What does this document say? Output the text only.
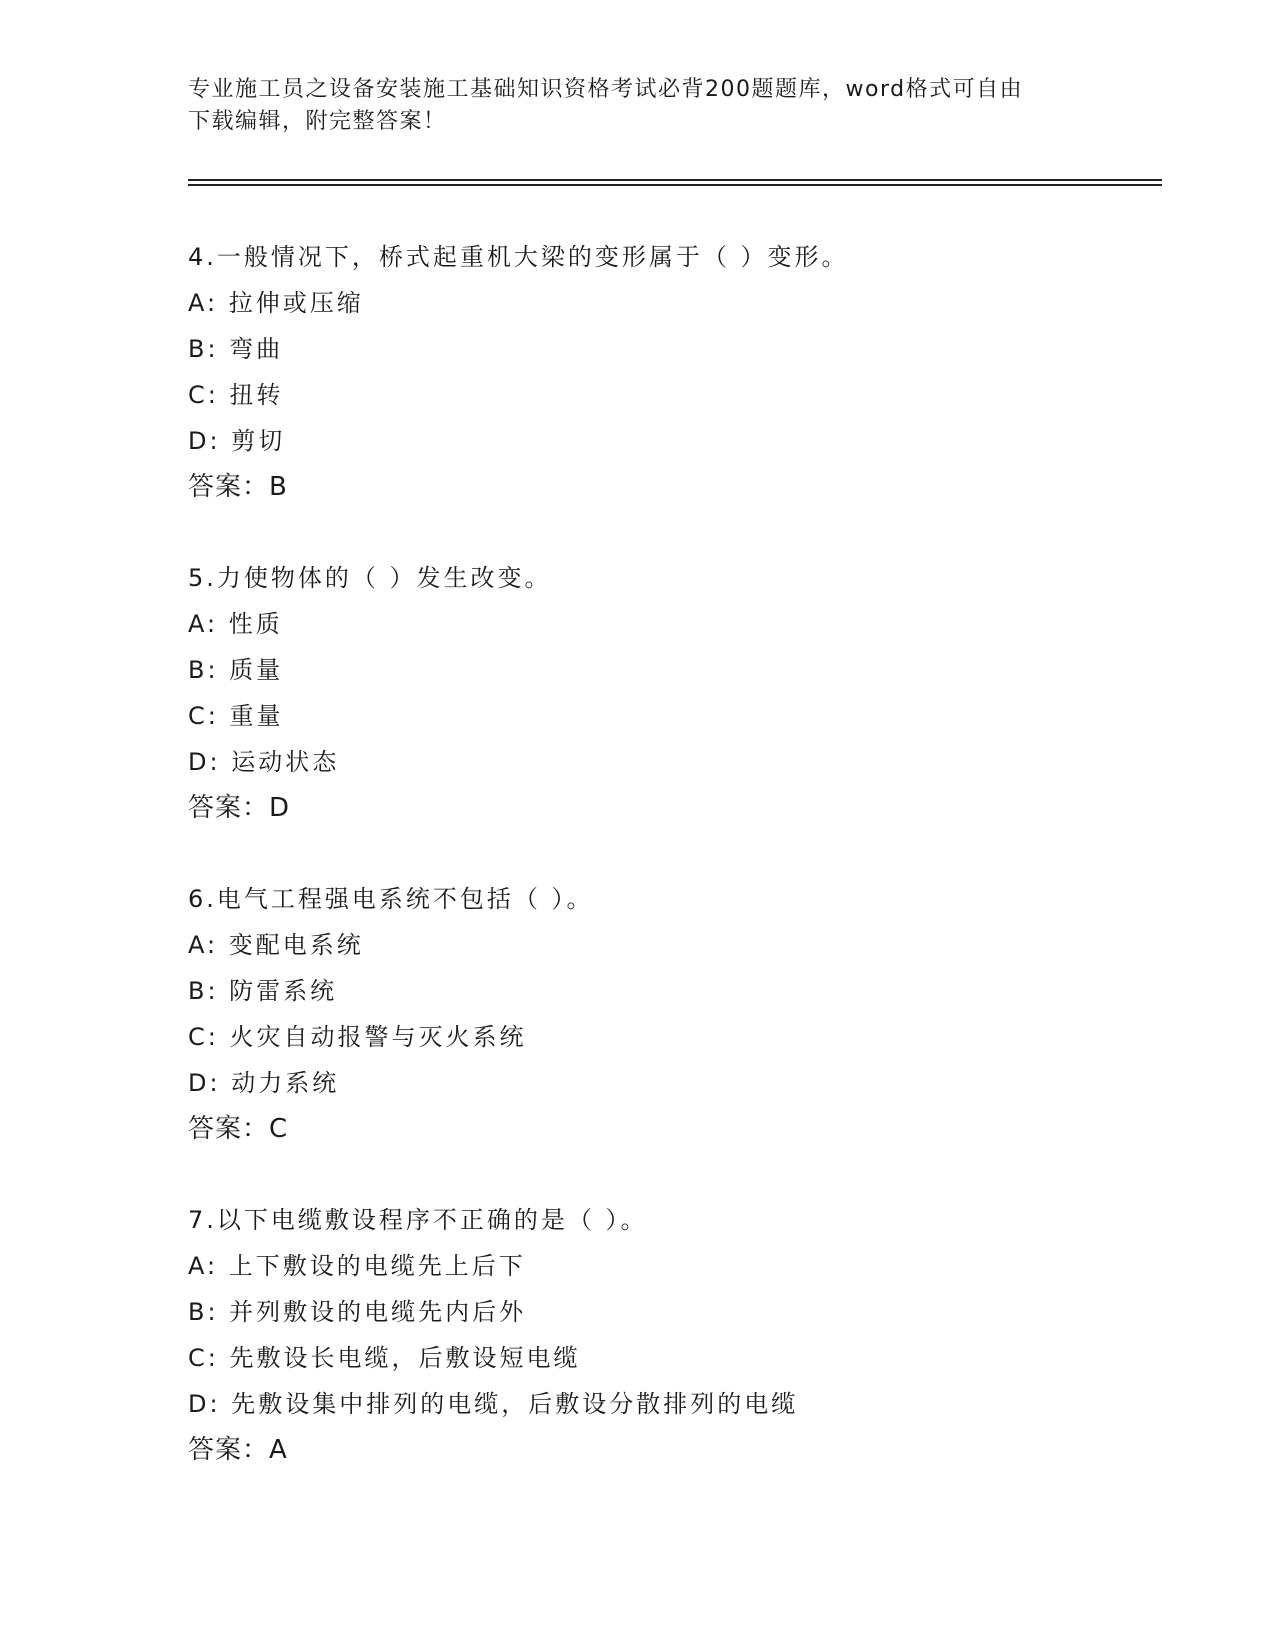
专业施工员之设备安装施工基础知识资格考试必背200题题库，word格式可自由
下载编辑，附完整答案！
4.一般情况下，桥式起重机大梁的变形属于（ ）变形。
A: 拉伸或压缩
B: 弯曲
C: 扭转
D: 剪切
答案：B
5.力使物体的（ ）发生改变。
A: 性质
B: 质量
C: 重量
D: 运动状态
答案：D
6.电气工程强电系统不包括（ ）。
A: 变配电系统
B: 防雷系统
C: 火灾自动报警与灭火系统
D: 动力系统
答案：C
7.以下电缆敷设程序不正确的是（ ）。
A: 上下敷设的电缆先上后下
B: 并列敷设的电缆先内后外
C: 先敷设长电缆，后敷设短电缆
D: 先敷设集中排列的电缆，后敷设分散排列的电缆
答案：A
